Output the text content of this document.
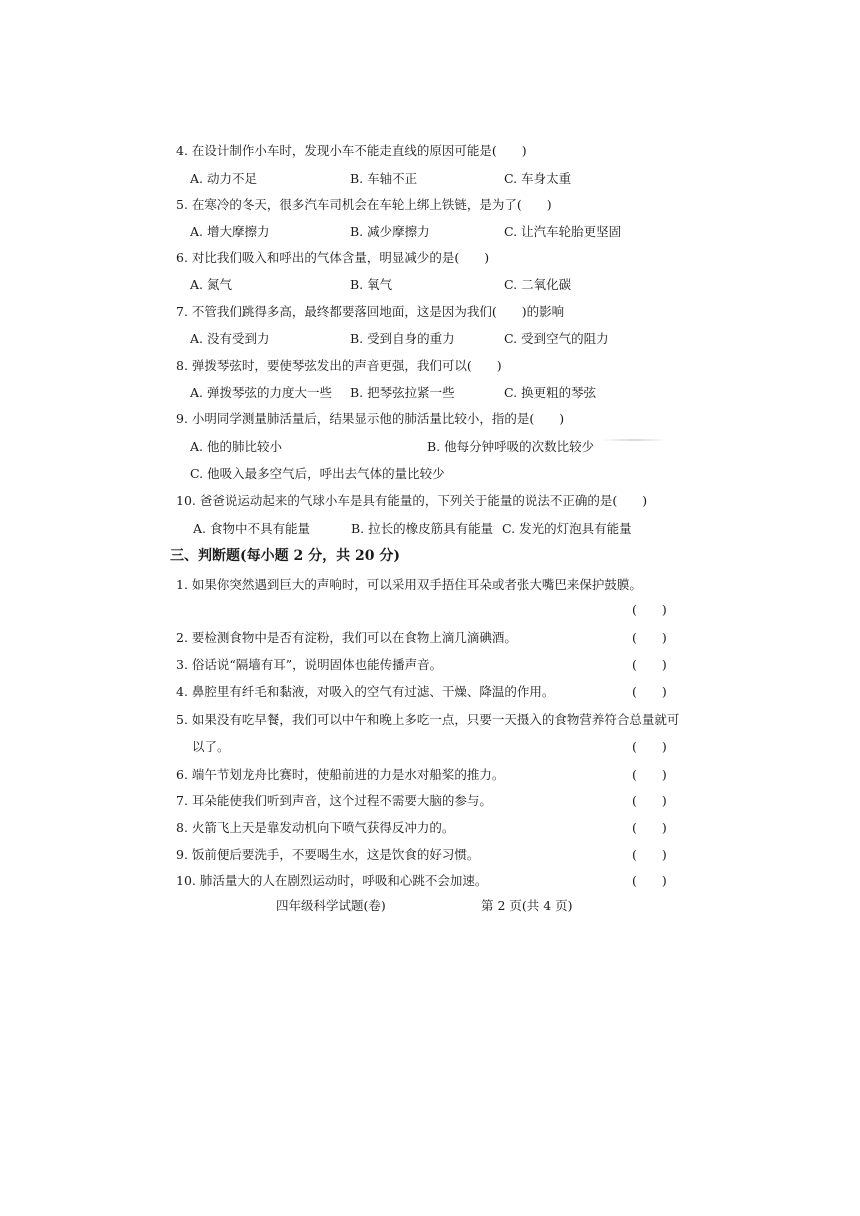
4. 在设计制作小车时，发现小车不能走直线的原因可能是(　　)
A. 动力不足	B. 车轴不正	C. 车身太重
5. 在寒冷的冬天，很多汽车司机会在车轮上绑上铁链，是为了(　　)
A. 增大摩擦力	B. 减少摩擦力	C. 让汽车轮胎更坚固
6. 对比我们吸入和呼出的气体含量，明显减少的是(　　)
A. 氮气	B. 氧气	C. 二氧化碳
7. 不管我们跳得多高，最终都要落回地面，这是因为我们(　　)的影响
A. 没有受到力	B. 受到自身的重力	C. 受到空气的阻力
8. 弹拨琴弦时，要使琴弦发出的声音更强，我们可以(　　)
A. 弹拨琴弦的力度大一些 B. 把琴弦拉紧一些	C. 换更粗的琴弦
9. 小明同学测量肺活量后，结果显示他的肺活量比较小，指的是(　　)
A. 他的肺比较小	B. 他每分钟呼吸的次数比较少
C. 他吸入最多空气后，呼出去气体的量比较少
10. 爸爸说运动起来的气球小车是具有能量的，下列关于能量的说法不正确的是(　　)
A. 食物中不具有能量	B. 拉长的橡皮筋具有能量 C. 发光的灯泡具有能量
三、判断题(每小题 2 分，共 20 分)
1. 如果你突然遇到巨大的声响时，可以采用双手捂住耳朵或者张大嘴巴来保护鼓膜。
(　　)
2. 要检测食物中是否有淀粉，我们可以在食物上滴几滴碘酒。	(　　)
3. 俗话说“隔墙有耳”，说明固体也能传播声音。	(　　)
4. 鼻腔里有纤毛和黏液，对吸入的空气有过滤、干燥、降温的作用。	(　　)
5. 如果没有吃早餐，我们可以中午和晚上多吃一点，只要一天摄入的食物营养符合总量就可
以了。	(　　)
6. 端午节划龙舟比赛时，使船前进的力是水对船桨的推力。	(　　)
7. 耳朵能使我们听到声音，这个过程不需要大脑的参与。	(　　)
8. 火箭飞上天是靠发动机向下喷气获得反冲力的。	(　　)
9. 饭前便后要洗手，不要喝生水，这是饮食的好习惯。	(　　)
10. 肺活量大的人在剧烈运动时，呼吸和心跳不会加速。	(　　)
四年级科学试题(卷)	第 2 页(共 4 页)
